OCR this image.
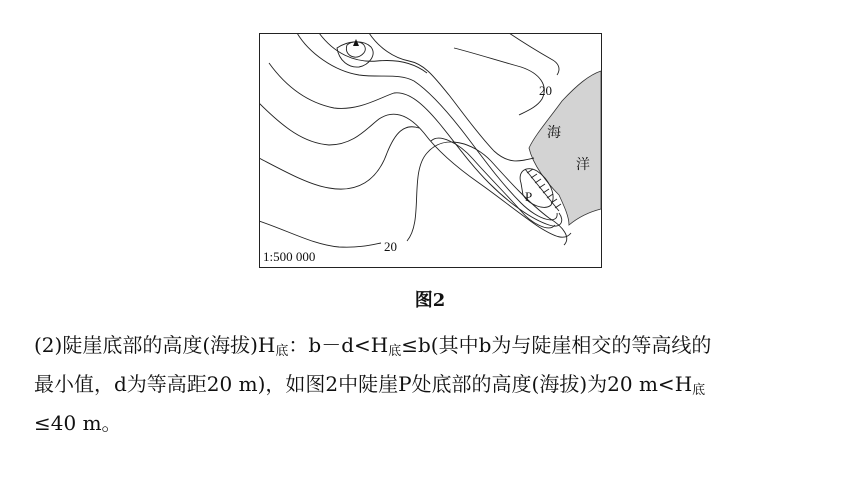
20
20
海
洋
P
1:500 000
图2
(2)陡崖底部的高度(海拔)$H_底$：$b-d<H_底\le b$(其中b为与陡崖相交的等高线的
最小值，d为等高距20 m)，如图2中陡崖P处底部的高度(海拔)为20 $m<H_底$
≤40 m。
